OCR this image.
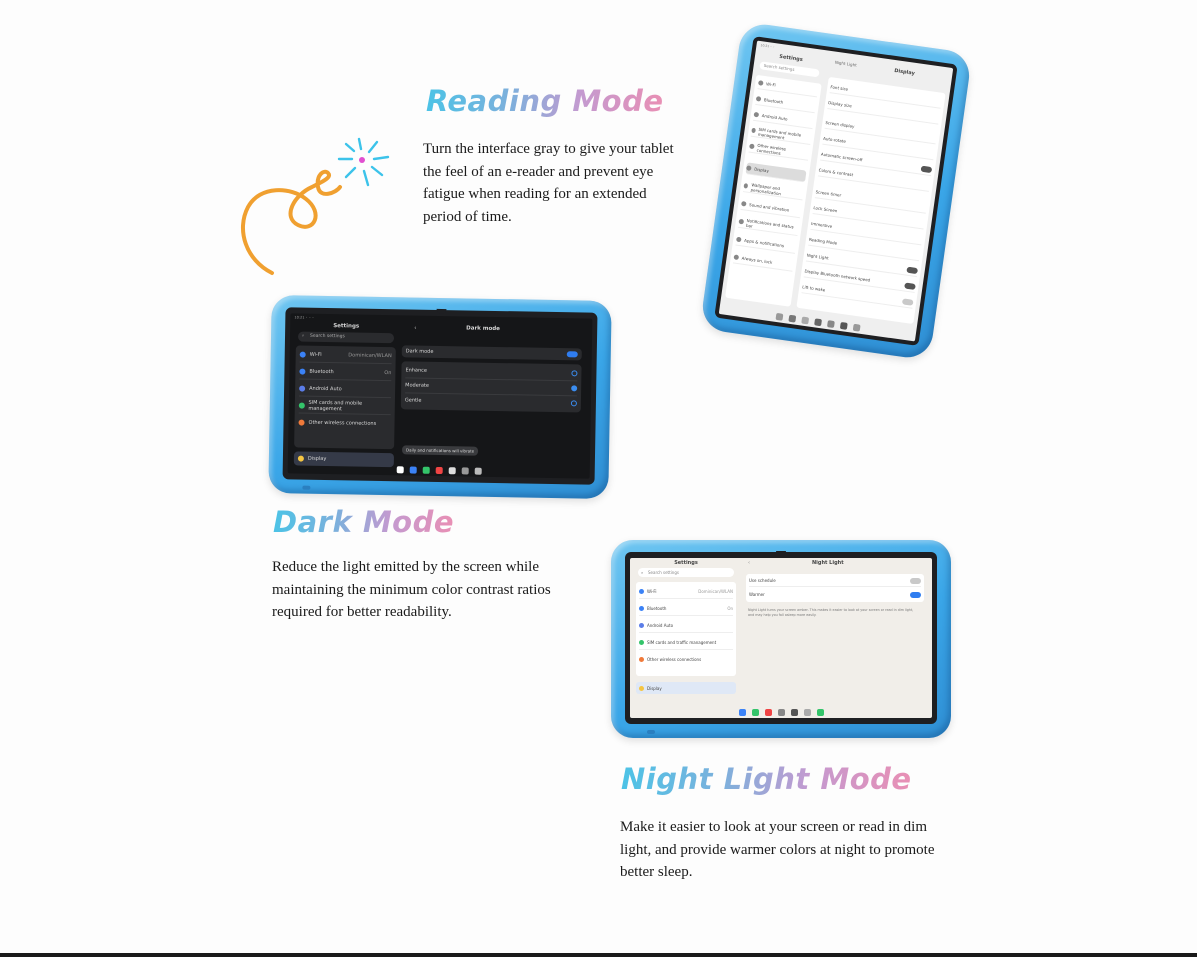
Reading Mode
Turn the interface gray to give your tablet the feel of an e-reader and prevent eye fatigue when reading for an extended period of time.
10:21 ◦ ◦
Settings
Search settings	Night Light
Display
Wi-Fi
Bluetooth
Android Auto
SIM cards and mobile management
Other wireless connections
Display
Wallpaper and personalization
Sound and vibration
Notifications and status bar
Apps & notifications
Always on, lock
Font size
Display size
Screen display
Auto-rotate
Automatic screen-off
Colors & contrast
Screen timer
Lock Screen
Immersive
Reading Mode
Night Light
Display Bluetooth network speed
Lift to wake
10:21 ◦ ◦ ◦
Settings
⌕ Search settings
‹	Dark mode
Wi-Fi	Dominican/WLAN
Bluetooth	On
Android Auto
SIM cards and mobile management
Other wireless connections
Display
Dark mode
Enhance
Moderate
Gentle
Daily and notifications will vibrate
Dark Mode
Reduce the light emitted by the screen while maintaining the minimum color contrast ratios required for better readability.
Settings
⌕ Search settings
‹	Night Light
Wi-Fi	Dominican/WLAN
Bluetooth	On
Android Auto
SIM cards and traffic management
Other wireless connections
Display
Use schedule
Warmer
Night Light turns your screen amber. This makes it easier to look at your screen or read in dim light, and may help you fall asleep more easily.
Night Light Mode
Make it easier to look at your screen or read in dim light, and provide warmer colors at night to promote better sleep.
